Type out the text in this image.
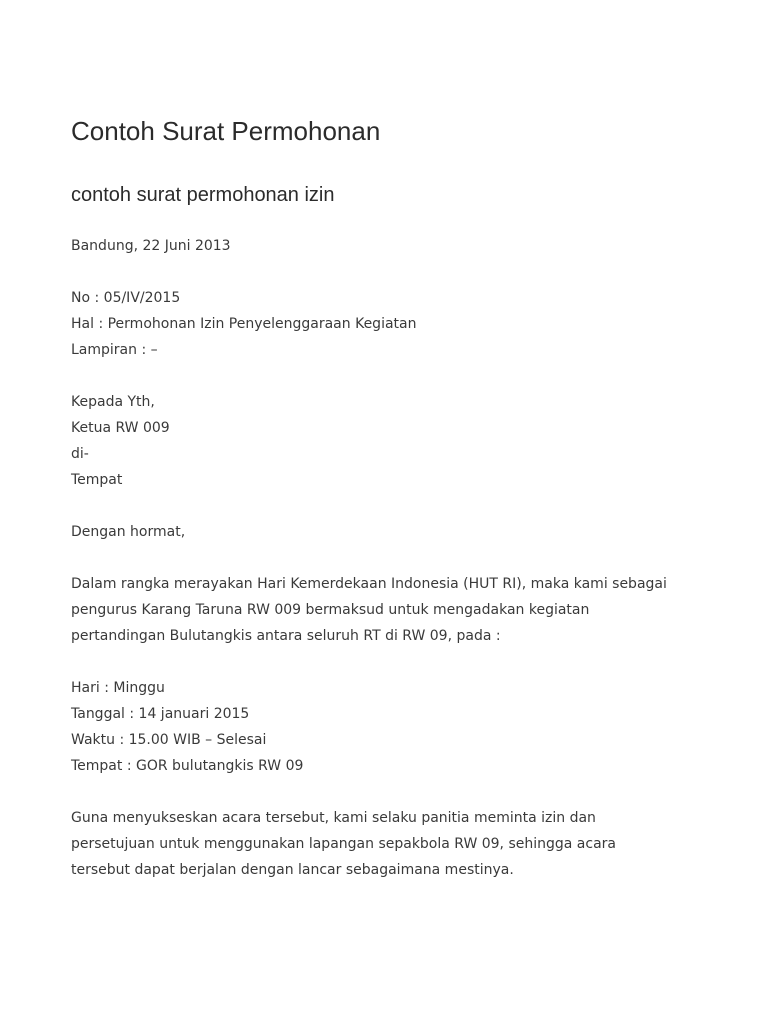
Contoh Surat Permohonan
contoh surat permohonan izin
Bandung, 22 Juni 2013
No : 05/IV/2015
Hal : Permohonan Izin Penyelenggaraan Kegiatan
Lampiran : –
Kepada Yth,
Ketua RW 009
di-
Tempat
Dengan hormat,
Dalam rangka merayakan Hari Kemerdekaan Indonesia (HUT RI), maka kami sebagai
pengurus Karang Taruna RW 009 bermaksud untuk mengadakan kegiatan
pertandingan Bulutangkis antara seluruh RT di RW 09, pada :
Hari : Minggu
Tanggal : 14 januari 2015
Waktu : 15.00 WIB – Selesai
Tempat : GOR bulutangkis RW 09
Guna menyukseskan acara tersebut, kami selaku panitia meminta izin dan
persetujuan untuk menggunakan lapangan sepakbola RW 09, sehingga acara
tersebut dapat berjalan dengan lancar sebagaimana mestinya.
